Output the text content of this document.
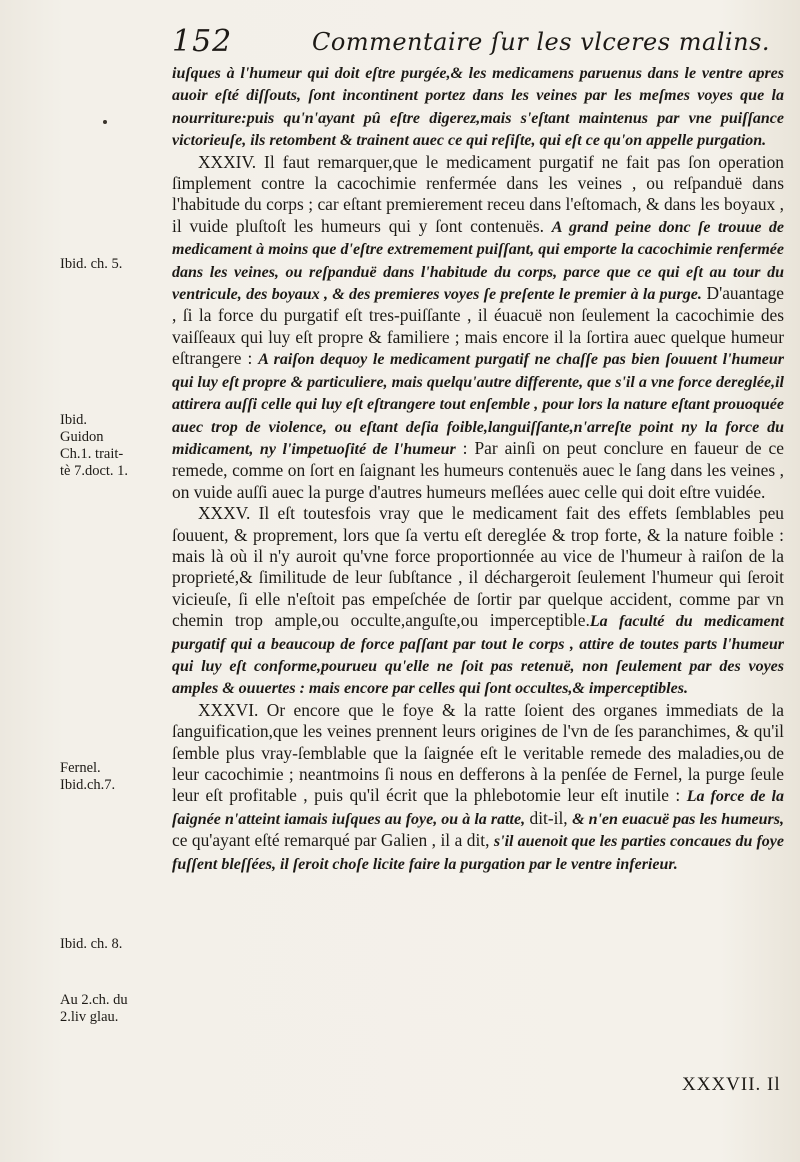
152	Commentaire ſur les vlceres malins.
Ibid. ch. 5.
Ibid.
Guidon
Ch.1. trait-
tè 7.doct. 1.
Fernel.
Ibid.ch.7.
Ibid. ch. 8.
Au 2.ch. du
2.liv glau.

iuſques à l'humeur qui doit eſtre purgée,& les medicamens paruenus dans le ventre apres auoir eſté diſſouts, ſont incontinent portez dans les veines par les meſmes voyes que la nourriture:puis qu'n'ayant pû eſtre digerez,mais s'eſtant maintenus par vne puiſſance victorieuſe, ils retombent & trainent auec ce qui reſiſte, qui eſt ce qu'on appelle purgation.

XXXIV. Il faut remarquer,que le medicament purgatif ne fait pas ſon operation ſimplement contre la cacochimie renfermée dans les veines , ou reſpanduë dans l'habitude du corps ; car eſtant premierement receu dans l'eſtomach, & dans les boyaux , il vuide pluſtoſt les humeurs qui y ſont contenuës. A grand peine donc ſe trouue de medicament à moins que d'eſtre extremement puiſſant, qui emporte la cacochimie renfermée dans les veines, ou reſpanduë dans l'habitude du corps, parce que ce qui eſt au tour du ventricule, des boyaux , & des premieres voyes ſe preſente le premier à la purge. D'auantage , ſi la force du purgatif eſt tres-puiſſante , il éuacuë non ſeulement la cacochimie des vaiſſeaux qui luy eſt propre & familiere ; mais encore il la ſortira auec quelque humeur eſtrangere : A raiſon dequoy le medicament purgatif ne chaſſe pas bien ſouuent l'humeur qui luy eſt propre & particuliere, mais quelqu'autre differente, que s'il a vne force dereglée,il attirera auſſi celle qui luy eſt eſtrangere tout enſemble , pour lors la nature eſtant prouoquée auec trop de violence, ou eſtant deſia foible,languiſſante,n'arreſte point ny la force du midicament, ny l'impetuoſité de l'humeur : Par ainſi on peut conclure en faueur de ce remede, comme on ſort en ſaignant les humeurs contenuës auec le ſang dans les veines , on vuide auſſi auec la purge d'autres humeurs meſlées auec celle qui doit eſtre vuidée.

XXXV. Il eſt toutesfois vray que le medicament fait des effets ſemblables peu ſouuent, & proprement, lors que ſa vertu eſt dereglée & trop forte, & la nature foible : mais là où il n'y auroit qu'vne force proportionnée au vice de l'humeur à raiſon de la proprieté,& ſimilitude de leur ſubſtance , il déchargeroit ſeulement l'humeur qui ſeroit vicieuſe, ſi elle n'eſtoit pas empeſchée de ſortir par quelque accident, comme par vn chemin trop ample,ou occulte,anguſte,ou imperceptible.La faculté du medicament purgatif qui a beaucoup de force paſſant par tout le corps , attire de toutes parts l'humeur qui luy eſt conforme,pourueu qu'elle ne ſoit pas retenuë, non ſeulement par des voyes amples & ouuertes : mais encore par celles qui ſont occultes,& imperceptibles.

XXXVI. Or encore que le foye & la ratte ſoient des organes immediats de la ſanguification,que les veines prennent leurs origines de l'vn de ſes paranchimes, & qu'il ſemble plus vray-ſemblable que la ſaignée eſt le veritable remede des maladies,ou de leur cacochimie ; neantmoins ſi nous en defferons à la penſée de Fernel, la purge ſeule leur eſt profitable , puis qu'il écrit que la phlebotomie leur eſt inutile : La force de la ſaignée n'atteint iamais iuſques au foye, ou à la ratte, dit-il, & n'en euacuë pas les humeurs, ce qu'ayant eſté remarqué par Galien , il a dit, s'il auenoit que les parties concaues du foye fuſſent bleſſées, il ſeroit choſe licite faire la purgation par le ventre inferieur.

XXXVII. Il
